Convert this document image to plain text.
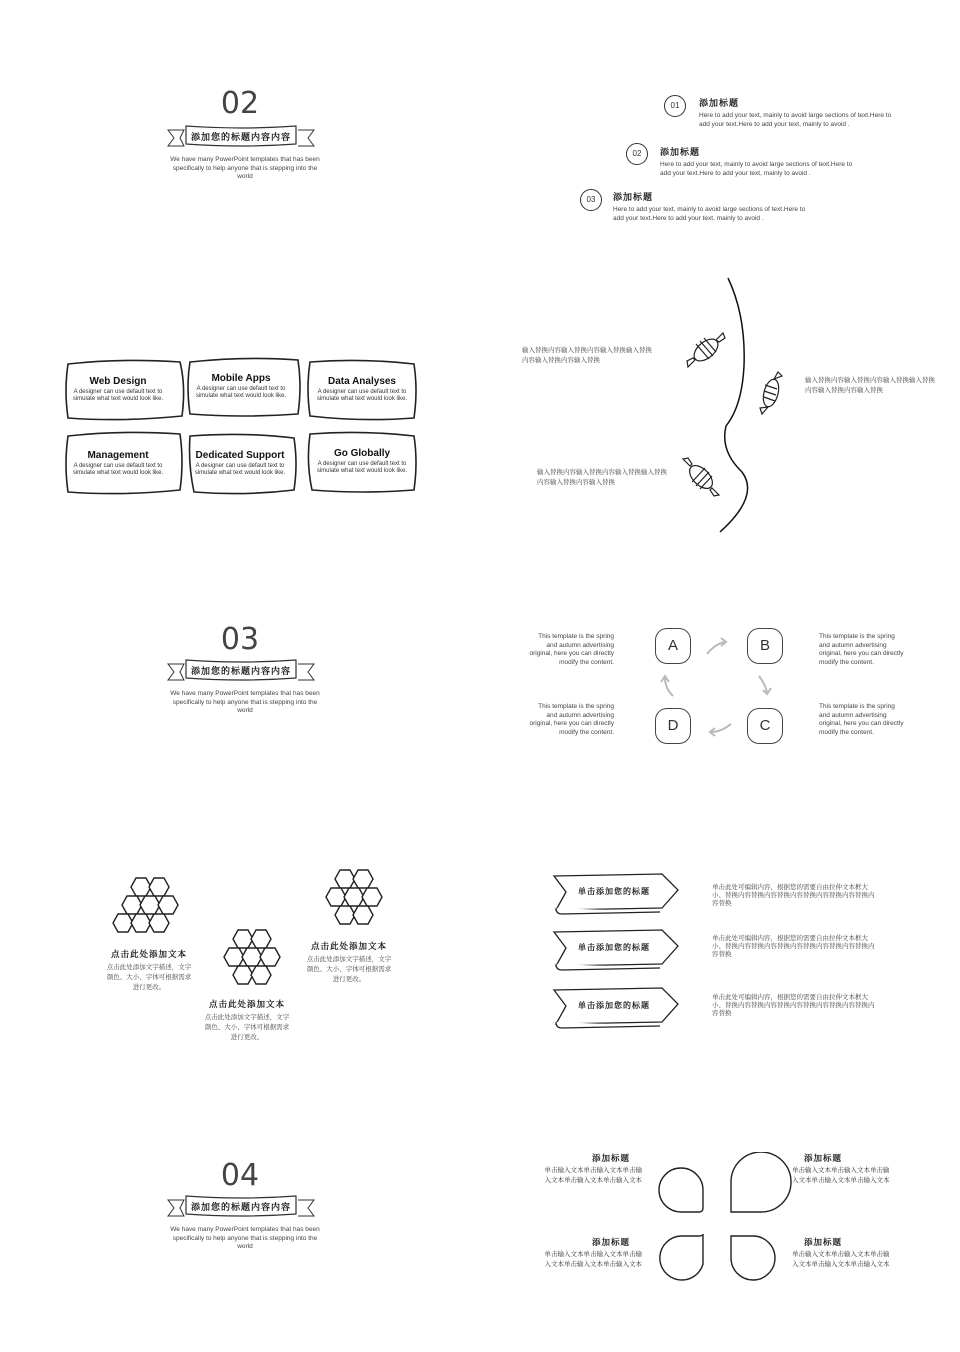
02
添加您的标题内容内容
We have many PowerPoint templates that has been specifically to help anyone that is stepping into the world
01	添加标题
Here to add your text, mainly to avoid large sections of text.Here to add your text.Here to add your text, mainly to avoid .
02	添加标题
Here to add your text, mainly to avoid large sections of text.Here to add your text.Here to add your text, mainly to avoid .
03	添加标题
Here to add your text, mainly to avoid large sections of text.Here to add your text.Here to add your text, mainly to avoid .
Web Design
A designer can use default text to simulate what text would look like.
Mobile Apps
A designer can use default text to simulate what text would look like.
Data Analyses
A designer can use default text to simulate what text would look like.
Management
A designer can use default text to simulate what text would look like.
Dedicated Support
A designer can use default text to simulate what text would look like.
Go Globally
A designer can use default text to simulate what text would look like.
输入替换内容输入替换内容输入替换输入替换内容输入替换内容输入替换
输入替换内容输入替换内容输入替换输入替换内容输入替换内容输入替换
输入替换内容输入替换内容输入替换输入替换内容输入替换内容输入替换
03
添加您的标题内容内容
We have many PowerPoint templates that has been specifically to help anyone that is stepping into the world
A	B
C
D
This template is the spring and autumn advertising original, here you can directly modify the content.
This template is the spring and autumn advertising original, here you can directly modify the content.
This template is the spring and autumn advertising original, here you can directly modify the content.
This template is the spring and autumn advertising original, here you can directly modify the content.
点击此处添加文本
点击此处添加文字描述，文字颜色、大小、字体可根据需求进行更改。
点击此处添加文本
点击此处添加文字描述，文字颜色、大小、字体可根据需求进行更改。
点击此处添加文本
点击此处添加文字描述，文字颜色、大小、字体可根据需求进行更改。
单击添加您的标题
单击添加您的标题
单击添加您的标题
单击此处可编辑内容，根据您的需要自由拉伸文本框大小、替换内容替换内容替换内容替换内容替换内容替换内容替换
单击此处可编辑内容，根据您的需要自由拉伸文本框大小、替换内容替换内容替换内容替换内容替换内容替换内容替换
单击此处可编辑内容，根据您的需要自由拉伸文本框大小、替换内容替换内容替换内容替换内容替换内容替换内容替换
04
添加您的标题内容内容
We have many PowerPoint templates that has been specifically to help anyone that is stepping into the world
添加标题
单击输入文本单击输入文本单击输入文本单击输入文本单击输入文本
添加标题
单击输入文本单击输入文本单击输入文本单击输入文本单击输入文本
添加标题
单击输入文本单击输入文本单击输入文本单击输入文本单击输入文本
添加标题
单击输入文本单击输入文本单击输入文本单击输入文本单击输入文本
